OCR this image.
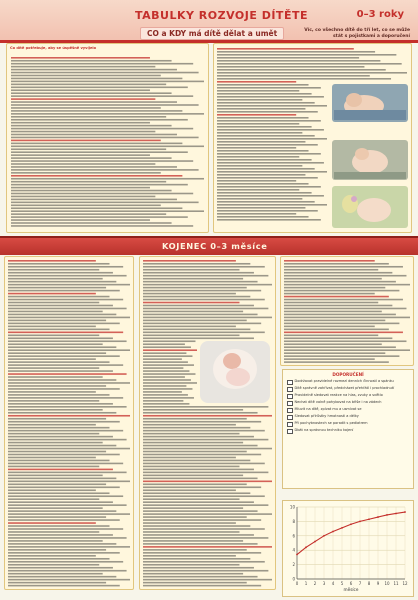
TABULKY ROZVOJE DÍTĚTE	0–3 roky
CO a KDY má dítě dělat a umět	Víc, co všechno dítě do tří let, co se může stát s pojistkami a doporučení
Co dítě potřebuje, aby se úspěšně vyvíjelo
KOJENEC 0–3 měsíce
DOPORUČENÍ
Dodržovat pravidelné rozmezí denních činností a spánku
Dítě správně zahřívat, předcházet přehřátí i prochladnutí
Pravidelně sledovat reakce na hlas, zvuky a světlo
Nechat dítě volně pohybovat na břiše i na zádech
Mluvit na dítě, zpívat mu a usmívat se
Sledovat přírůstky hmotnosti a délky
Při pochybnostech se poradit s pediatrem
Dbát na správnou techniku kojení
0 1 2 3 4 5 6 7 8 9 10 11 12
0
2
4
6
8
10
měsíce
